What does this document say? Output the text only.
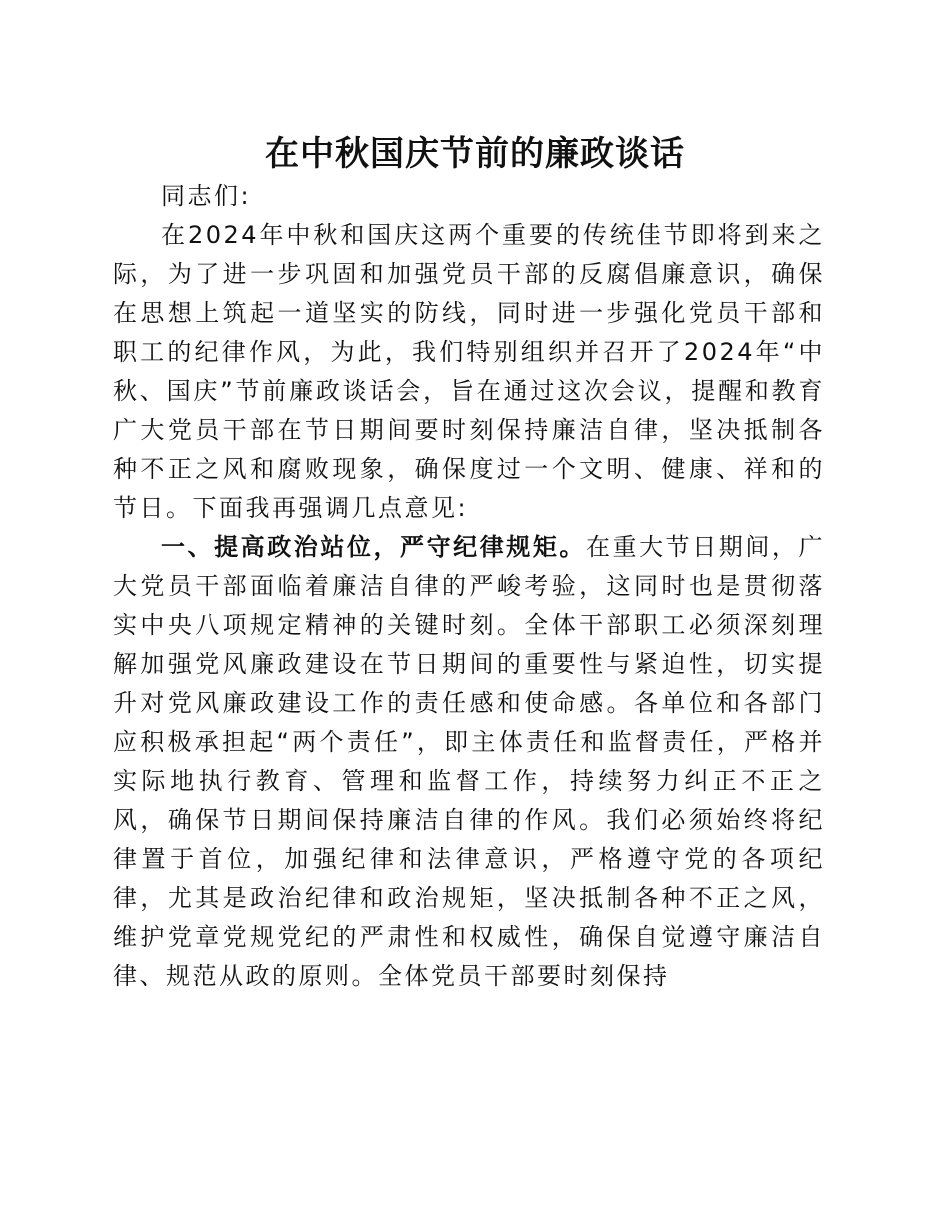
在中秋国庆节前的廉政谈话

同志们:

在2024年中秋和国庆这两个重要的传统佳节即将到来之际，为了进一步巩固和加强党员干部的反腐倡廉意识，确保在思想上筑起一道坚实的防线，同时进一步强化党员干部和职工的纪律作风，为此，我们特别组织并召开了2024年“中秋、国庆”节前廉政谈话会，旨在通过这次会议，提醒和教育广大党员干部在节日期间要时刻保持廉洁自律，坚决抵制各种不正之风和腐败现象，确保度过一个文明、健康、祥和的节日。下面我再强调几点意见:

一、提高政治站位，严守纪律规矩。在重大节日期间，广大党员干部面临着廉洁自律的严峻考验，这同时也是贯彻落实中央八项规定精神的关键时刻。全体干部职工必须深刻理解加强党风廉政建设在节日期间的重要性与紧迫性，切实提升对党风廉政建设工作的责任感和使命感。各单位和各部门应积极承担起“两个责任”，即主体责任和监督责任，严格并实际地执行教育、管理和监督工作，持续努力纠正不正之风，确保节日期间保持廉洁自律的作风。我们必须始终将纪律置于首位，加强纪律和法律意识，严格遵守党的各项纪律，尤其是政治纪律和政治规矩，坚决抵制各种不正之风，维护党章党规党纪的严肃性和权威性，确保自觉遵守廉洁自律、规范从政的原则。全体党员干部要时刻保持
